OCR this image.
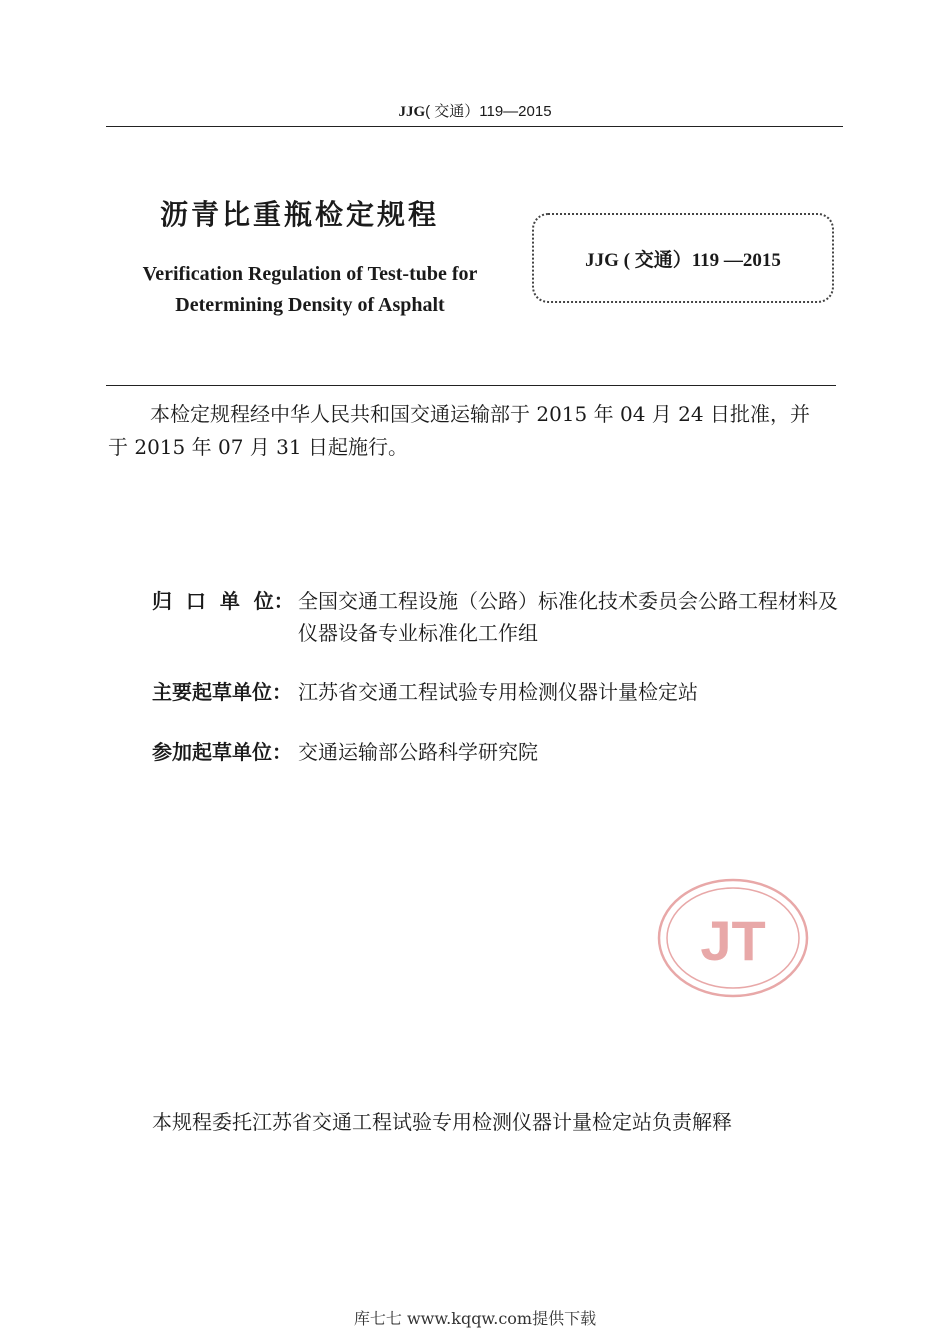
JJG( 交通）119—2015
沥青比重瓶检定规程
Verification Regulation of Test-tube for
Determining Density of Asphalt
JJG ( 交通）119 —2015
本检定规程经中华人民共和国交通运输部于 2015 年 04 月 24 日批准，并
于 2015 年 07 月 31 日起施行。
归  口  单  位： 全国交通工程设施（公路）标准化技术委员会公路工程材料及仪器设备专业标准化工作组
主要起草单位： 江苏省交通工程试验专用检测仪器计量检定站
参加起草单位： 交通运输部公路科学研究院
JT
本规程委托江苏省交通工程试验专用检测仪器计量检定站负责解释
库七七 www.kqqw.com提供下载
